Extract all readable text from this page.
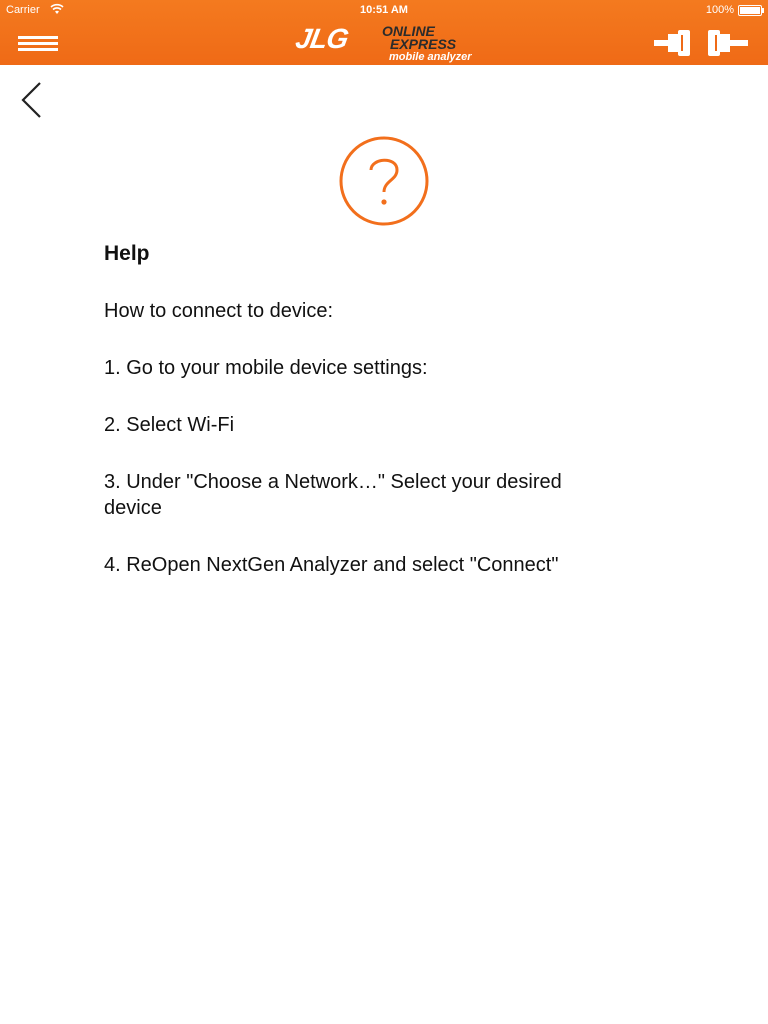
Carrier	10:51 AM	100%
JLG ONLINE
EXPRESS
mobile analyzer
Help

How to connect to device:

1. Go to your mobile device settings:

2. Select Wi-Fi

3. Under "Choose a Network…" Select your desired device

4. ReOpen NextGen Analyzer and select "Connect"
